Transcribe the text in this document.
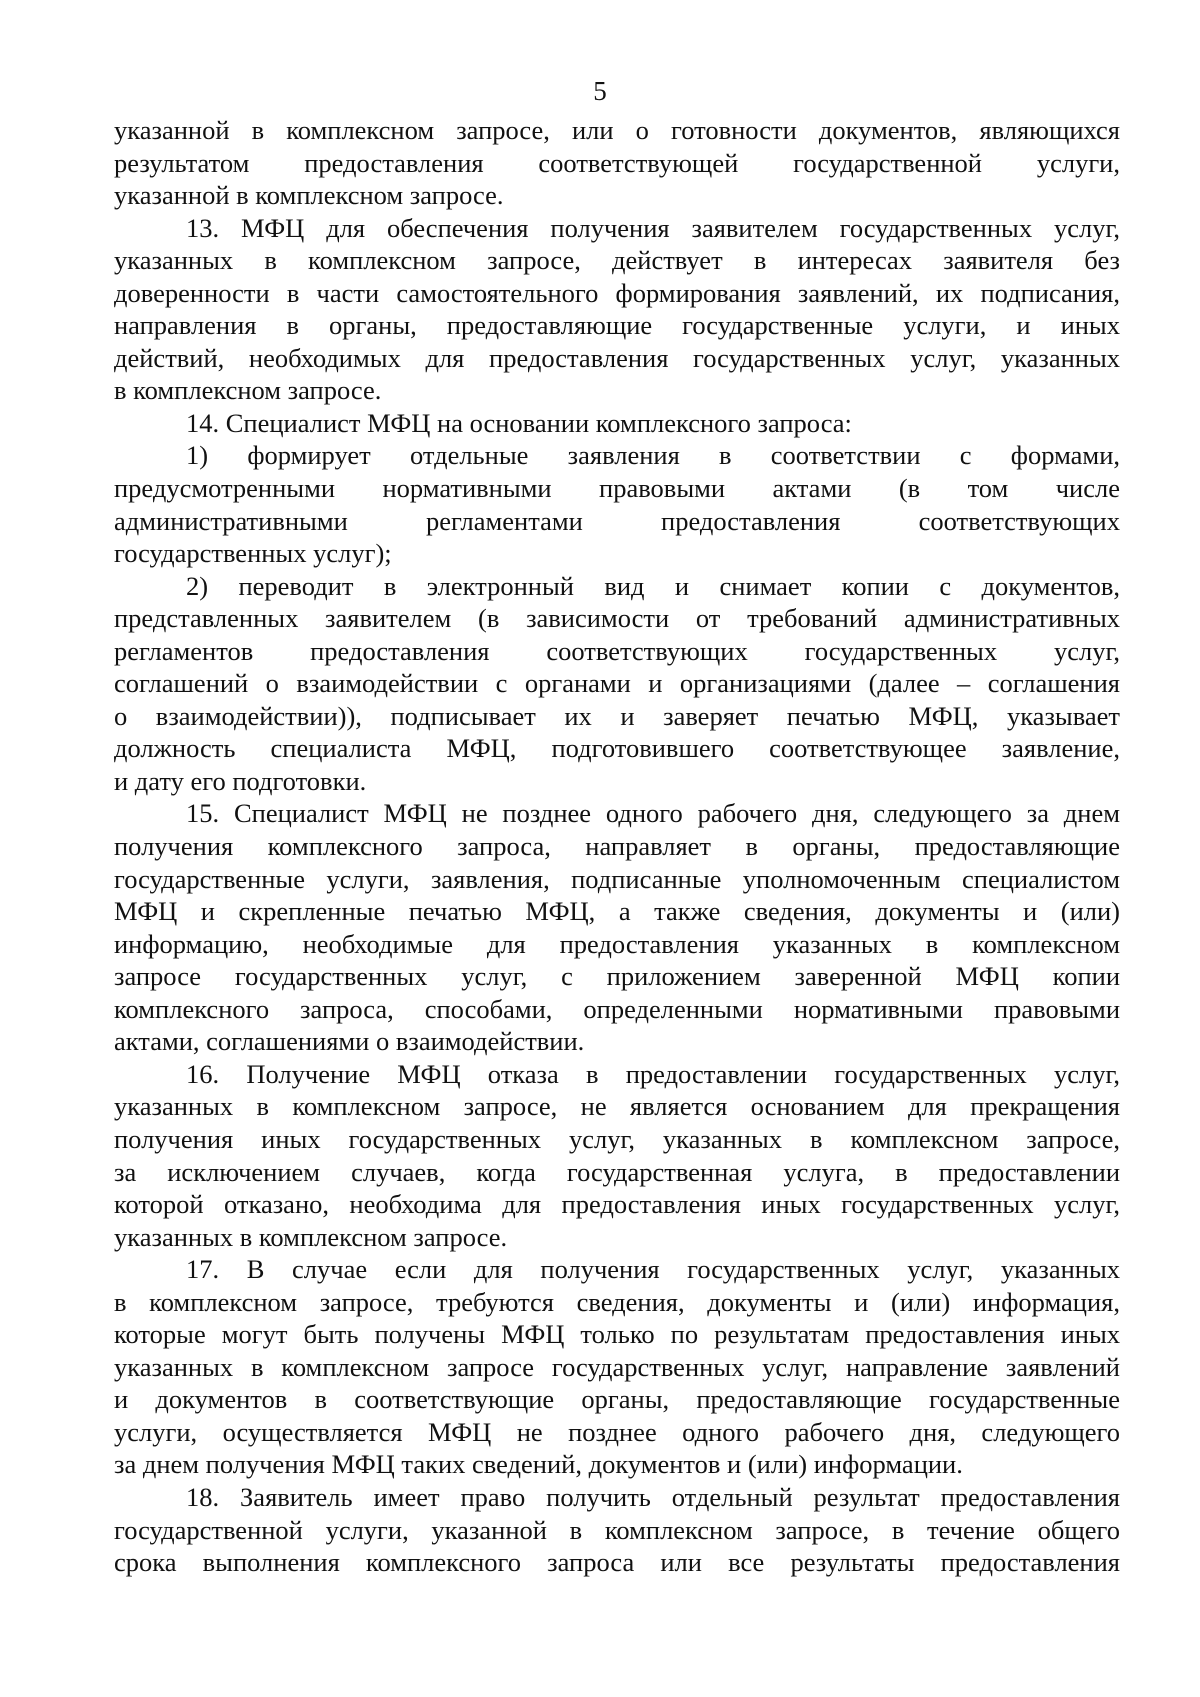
5
указанной в комплексном запросе, или о готовности документов, являющихся
результатом предоставления соответствующей государственной услуги,
указанной в комплексном запросе.
13. МФЦ для обеспечения получения заявителем государственных услуг,
указанных в комплексном запросе, действует в интересах заявителя без
доверенности в части самостоятельного формирования заявлений, их подписания,
направления в органы, предоставляющие государственные услуги, и иных
действий, необходимых для предоставления государственных услуг, указанных
в комплексном запросе.
14. Специалист МФЦ на основании комплексного запроса:
1) формирует отдельные заявления в соответствии с формами,
предусмотренными нормативными правовыми актами (в том числе
административными регламентами предоставления соответствующих
государственных услуг);
2) переводит в электронный вид и снимает копии с документов,
представленных заявителем (в зависимости от требований административных
регламентов предоставления соответствующих государственных услуг,
соглашений о взаимодействии с органами и организациями (далее – соглашения
о взаимодействии)), подписывает их и заверяет печатью МФЦ, указывает
должность специалиста МФЦ, подготовившего соответствующее заявление,
и дату его подготовки.
15. Специалист МФЦ не позднее одного рабочего дня, следующего за днем
получения комплексного запроса, направляет в органы, предоставляющие
государственные услуги, заявления, подписанные уполномоченным специалистом
МФЦ и скрепленные печатью МФЦ, а также сведения, документы и (или)
информацию, необходимые для предоставления указанных в комплексном
запросе государственных услуг, с приложением заверенной МФЦ копии
комплексного запроса, способами, определенными нормативными правовыми
актами, соглашениями о взаимодействии.
16. Получение МФЦ отказа в предоставлении государственных услуг,
указанных в комплексном запросе, не является основанием для прекращения
получения иных государственных услуг, указанных в комплексном запросе,
за исключением случаев, когда государственная услуга, в предоставлении
которой отказано, необходима для предоставления иных государственных услуг,
указанных в комплексном запросе.
17. В случае если для получения государственных услуг, указанных
в комплексном запросе, требуются сведения, документы и (или) информация,
которые могут быть получены МФЦ только по результатам предоставления иных
указанных в комплексном запросе государственных услуг, направление заявлений
и документов в соответствующие органы, предоставляющие государственные
услуги, осуществляется МФЦ не позднее одного рабочего дня, следующего
за днем получения МФЦ таких сведений, документов и (или) информации.
18. Заявитель имеет право получить отдельный результат предоставления
государственной услуги, указанной в комплексном запросе, в течение общего
срока выполнения комплексного запроса или все результаты предоставления
